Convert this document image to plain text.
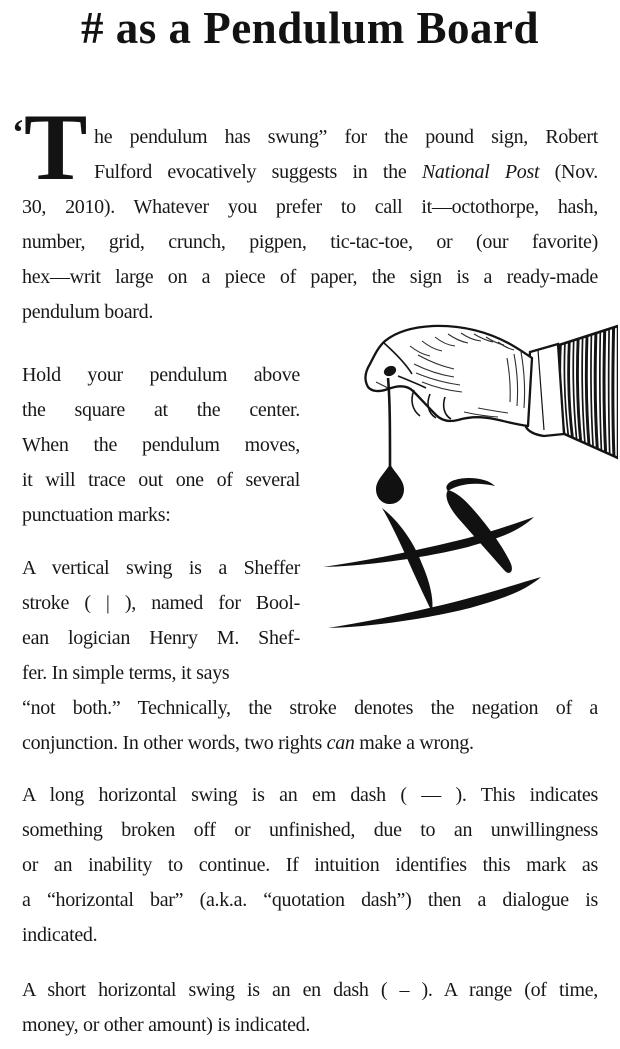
# as a Pendulum Board
‘ T he pendulum has swung” for the pound sign, Robert
Fulford evocatively suggests in the National Post (Nov.
30, 2010). Whatever you prefer to call it—octothorpe, hash,
number, grid, crunch, pigpen, tic-tac-toe, or (our favorite)
hex—writ large on a piece of paper, the sign is a ready-made
pendulum board.
Hold your pendulum above
the square at the center.
When the pendulum moves,
it will trace out one of several
punctuation marks:
A vertical swing is a Sheffer
stroke ( | ), named for Bool-
ean logician Henry M. Shef-
fer. In simple terms, it says
“not both.” Technically, the stroke denotes the negation of a
conjunction. In other words, two rights can make a wrong.
A long horizontal swing is an em dash ( — ). This indicates
something broken off or unfinished, due to an unwillingness
or an inability to continue. If intuition identifies this mark as
a “horizontal bar” (a.k.a. “quotation dash”) then a dialogue is
indicated.
A short horizontal swing is an en dash ( – ). A range (of time,
money, or other amount) is indicated.
